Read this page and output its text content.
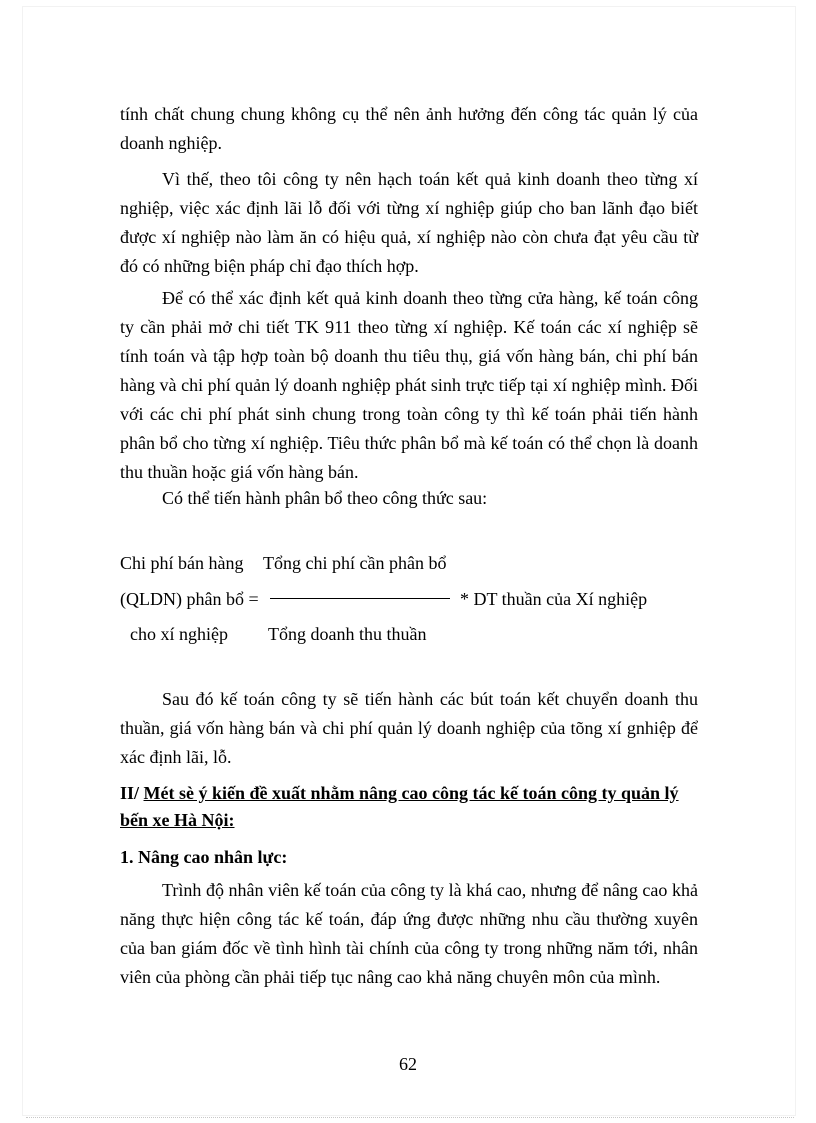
tính chất chung chung không cụ thể nên ảnh hưởng đến công tác quản lý của doanh nghiệp.

Vì thế, theo tôi công ty nên hạch toán kết quả kinh doanh theo từng xí nghiệp, việc xác định lãi lỗ đối với từng xí nghiệp giúp cho ban lãnh đạo biết được xí nghiệp nào làm ăn có hiệu quả, xí nghiệp nào còn chưa đạt yêu cầu từ đó có những biện pháp chỉ đạo thích hợp.

Để có thể xác định kết quả kinh doanh theo từng cửa hàng, kế toán công ty cần phải mở chi tiết TK 911 theo từng xí nghiệp. Kế toán các xí nghiệp sẽ tính toán và tập hợp toàn bộ doanh thu tiêu thụ, giá vốn hàng bán, chi phí bán hàng và chi phí quản lý doanh nghiệp phát sinh trực tiếp tại xí nghiệp mình. Đối với các chi phí phát sinh chung trong toàn công ty thì kế toán phải tiến hành phân bổ cho từng xí nghiệp. Tiêu thức phân bổ mà kế toán có thể chọn là doanh thu thuần hoặc giá vốn hàng bán.

Có thể tiến hành phân bổ theo công thức sau:

Chi phí bán hàng Tổng chi phí cần phân bổ
(QLDN) phân bổ =	* DT thuần của Xí nghiệp
cho xí nghiệp Tổng doanh thu thuần

Sau đó kế toán công ty sẽ tiến hành các bút toán kết chuyển doanh thu thuần, giá vốn hàng bán và chi phí quản lý doanh nghiệp của tõng xí gnhiệp để xác định lãi, lỗ.

II/ Mét sè ý kiến đề xuất nhằm nâng cao công tác kế toán công ty quản lý bến xe Hà Nội:

1. Nâng cao nhân lực:

Trình độ nhân viên kế toán của công ty là khá cao, nhưng để nâng cao khả năng thực hiện công tác kế toán, đáp ứng được những nhu cầu thường xuyên của ban giám đốc về tình hình tài chính của công ty trong những năm tới, nhân viên của phòng cần phải tiếp tục nâng cao khả năng chuyên môn của mình.

62
